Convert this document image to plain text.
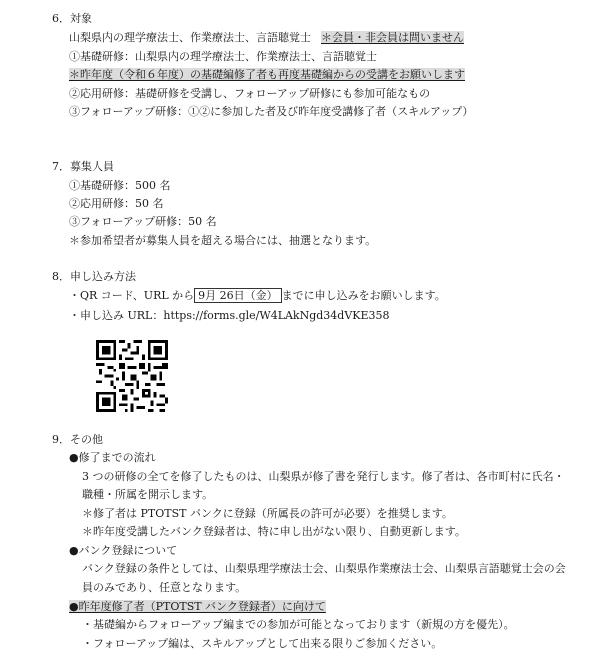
6．対象
山梨県内の理学療法士、作業療法士、言語聴覚士 ＊会員・非会員は問いません
①基礎研修：山梨県内の理学療法士、作業療法士、言語聴覚士
＊昨年度（令和６年度）の基礎編修了者も再度基礎編からの受講をお願いします
②応用研修：基礎研修を受講し、フォローアップ研修にも参加可能なもの
③フォローアップ研修：①②に参加した者及び昨年度受講修了者（スキルアップ）
7．募集人員
①基礎研修：500 名
②応用研修：50 名
③フォローアップ研修：50 名
＊参加希望者が募集人員を超える場合には、抽選となります。
8．申し込み方法
・QR コード、URL から 9月 26日（金） までに申し込みをお願いします。
・申し込み URL：https://forms.gle/W4LAkNgd34dVKE358
9．その他
●修了までの流れ
3 つの研修の全てを修了したものは、山梨県が修了書を発行します。修了者は、各市町村に氏名・
職種・所属を開示します。
＊修了者は PTOTST バンクに登録（所属長の許可が必要）を推奨します。
＊昨年度受講したバンク登録者は、特に申し出がない限り、自動更新します。
●バンク登録について
バンク登録の条件としては、山梨県理学療法士会、山梨県作業療法士会、山梨県言語聴覚士会の会
員のみであり、任意となります。
●昨年度修了者（PTOTST バンク登録者）に向けて
・基礎編からフォローアップ編までの参加が可能となっております（新規の方を優先）。
・フォローアップ編は、スキルアップとして出来る限りご参加ください。
